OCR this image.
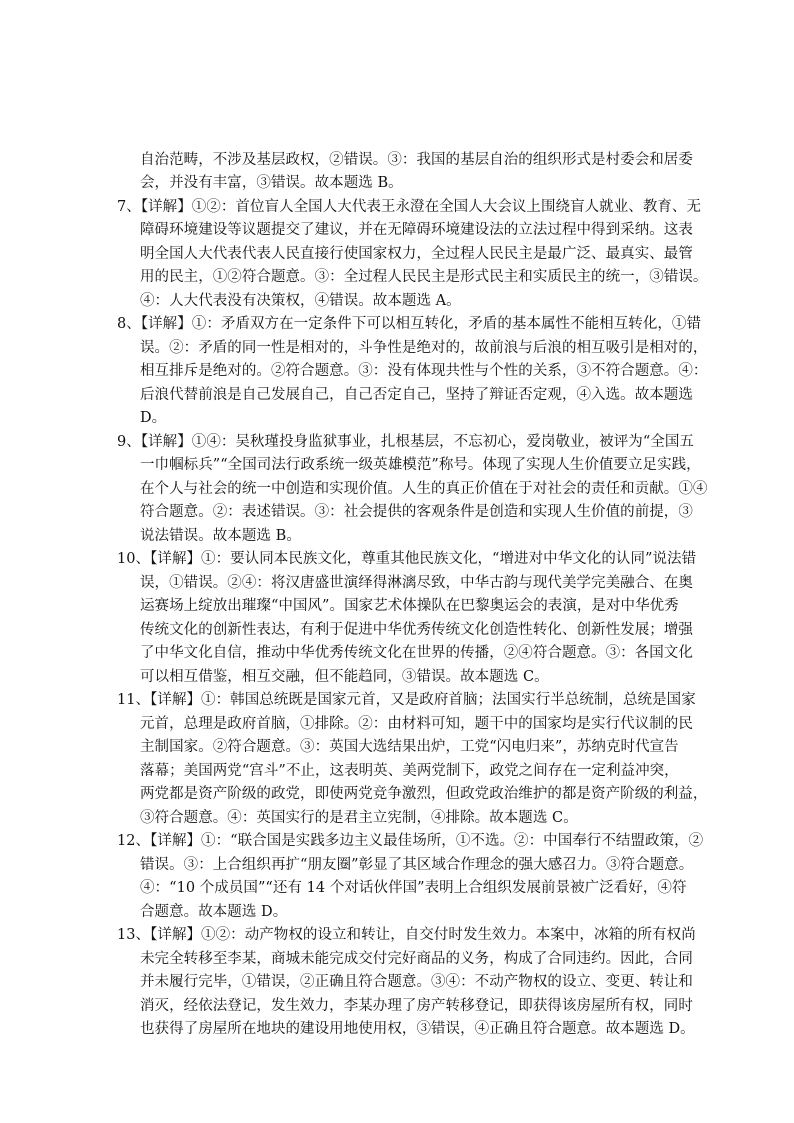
自治范畴，不涉及基层政权，②错误。③：我国的基层自治的组织形式是村委会和居委
会，并没有丰富，③错误。故本题选 B。
7、【详解】①②：首位盲人全国人大代表王永澄在全国人大会议上围绕盲人就业、教育、无
障碍环境建设等议题提交了建议，并在无障碍环境建设法的立法过程中得到采纳。这表
明全国人大代表代表人民直接行使国家权力，全过程人民民主是最广泛、最真实、最管
用的民主，①②符合题意。③：全过程人民民主是形式民主和实质民主的统一，③错误。
④：人大代表没有决策权，④错误。故本题选 A。
8、【详解】①：矛盾双方在一定条件下可以相互转化，矛盾的基本属性不能相互转化，①错
误。②：矛盾的同一性是相对的，斗争性是绝对的，故前浪与后浪的相互吸引是相对的，
相互排斥是绝对的。②符合题意。③：没有体现共性与个性的关系，③不符合题意。④：
后浪代替前浪是自己发展自己，自己否定自己，坚持了辩证否定观，④入选。故本题选
D。
9、【详解】①④：吴秋瑾投身监狱事业，扎根基层，不忘初心，爱岗敬业，被评为“全国五
一巾帼标兵”“全国司法行政系统一级英雄模范”称号。体现了实现人生价值要立足实践，
在个人与社会的统一中创造和实现价值。人生的真正价值在于对社会的责任和贡献。①④
符合题意。②：表述错误。③：社会提供的客观条件是创造和实现人生价值的前提，③
说法错误。故本题选 B。
10、【详解】①：要认同本民族文化，尊重其他民族文化，“增进对中华文化的认同”说法错
误，①错误。②④：将汉唐盛世演绎得淋漓尽致，中华古韵与现代美学完美融合、在奥
运赛场上绽放出璀璨“中国风”。国家艺术体操队在巴黎奥运会的表演，是对中华优秀
传统文化的创新性表达，有利于促进中华优秀传统文化创造性转化、创新性发展；增强
了中华文化自信，推动中华优秀传统文化在世界的传播，②④符合题意。③：各国文化
可以相互借鉴，相互交融，但不能趋同，③错误。故本题选 C。
11、【详解】①：韩国总统既是国家元首，又是政府首脑；法国实行半总统制，总统是国家
元首，总理是政府首脑，①排除。②：由材料可知，题干中的国家均是实行代议制的民
主制国家。②符合题意。③：英国大选结果出炉，工党“闪电归来”，苏纳克时代宣告
落幕；美国两党“宫斗”不止，这表明英、美两党制下，政党之间存在一定利益冲突，
两党都是资产阶级的政党，即使两党竞争激烈，但政党政治维护的都是资产阶级的利益，
③符合题意。④：英国实行的是君主立宪制，④排除。故本题选 C。
12、【详解】①：“联合国是实践多边主义最佳场所，①不选。②：中国奉行不结盟政策，②
错误。③：上合组织再扩“朋友圈”彰显了其区域合作理念的强大感召力。③符合题意。
④：“10 个成员国”“还有 14 个对话伙伴国”表明上合组织发展前景被广泛看好，④符
合题意。故本题选 D。
13、【详解】①②：动产物权的设立和转让，自交付时发生效力。本案中，冰箱的所有权尚
未完全转移至李某，商城未能完成交付完好商品的义务，构成了合同违约。因此，合同
并未履行完毕，①错误，②正确且符合题意。③④：不动产物权的设立、变更、转让和
消灭，经依法登记，发生效力，李某办理了房产转移登记，即获得该房屋所有权，同时
也获得了房屋所在地块的建设用地使用权，③错误，④正确且符合题意。故本题选 D。
